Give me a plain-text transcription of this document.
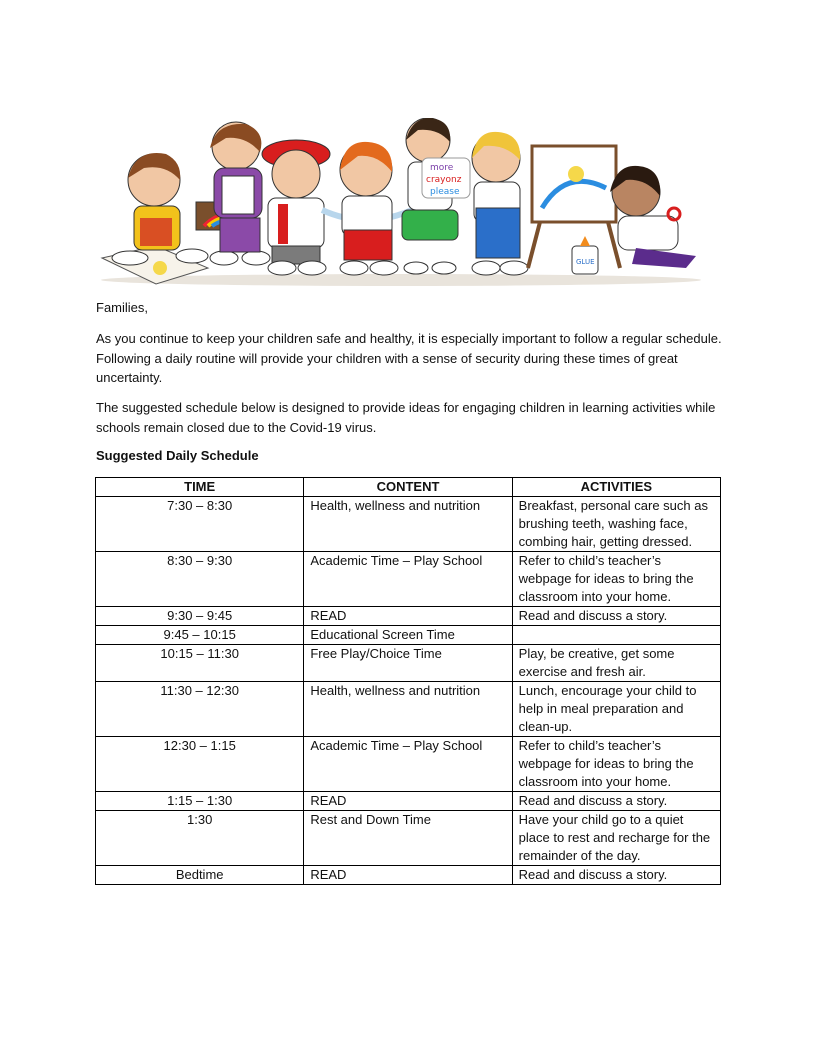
more
crayonz
please
GLUE
Families,

As you continue to keep your children safe and healthy, it is especially important to follow a regular schedule. Following a daily routine will provide your children with a sense of security during these times of great uncertainty.

The suggested schedule below is designed to provide ideas for engaging children in learning activities while schools remain closed due to the Covid-19 virus.

Suggested Daily Schedule
TIME	CONTENT	ACTIVITIES
7:30 – 8:30	Health, wellness and nutrition	Breakfast, personal care such as brushing teeth, washing face, combing hair, getting dressed.
8:30 – 9:30	Academic Time – Play School	Refer to child’s teacher’s webpage for ideas to bring the classroom into your home.
9:30 – 9:45	READ	Read and discuss a story.
9:45 – 10:15	Educational Screen Time	
10:15 – 11:30	Free Play/Choice Time	Play, be creative, get some exercise and fresh air.
11:30 – 12:30	Health, wellness and nutrition	Lunch, encourage your child to help in meal preparation and clean-up.
12:30 – 1:15	Academic Time – Play School	Refer to child’s teacher’s webpage for ideas to bring the classroom into your home.
1:15 – 1:30	READ	Read and discuss a story.
1:30	Rest and Down Time	Have your child go to a quiet place to rest and recharge for the remainder of the day.
Bedtime	READ	Read and discuss a story.
